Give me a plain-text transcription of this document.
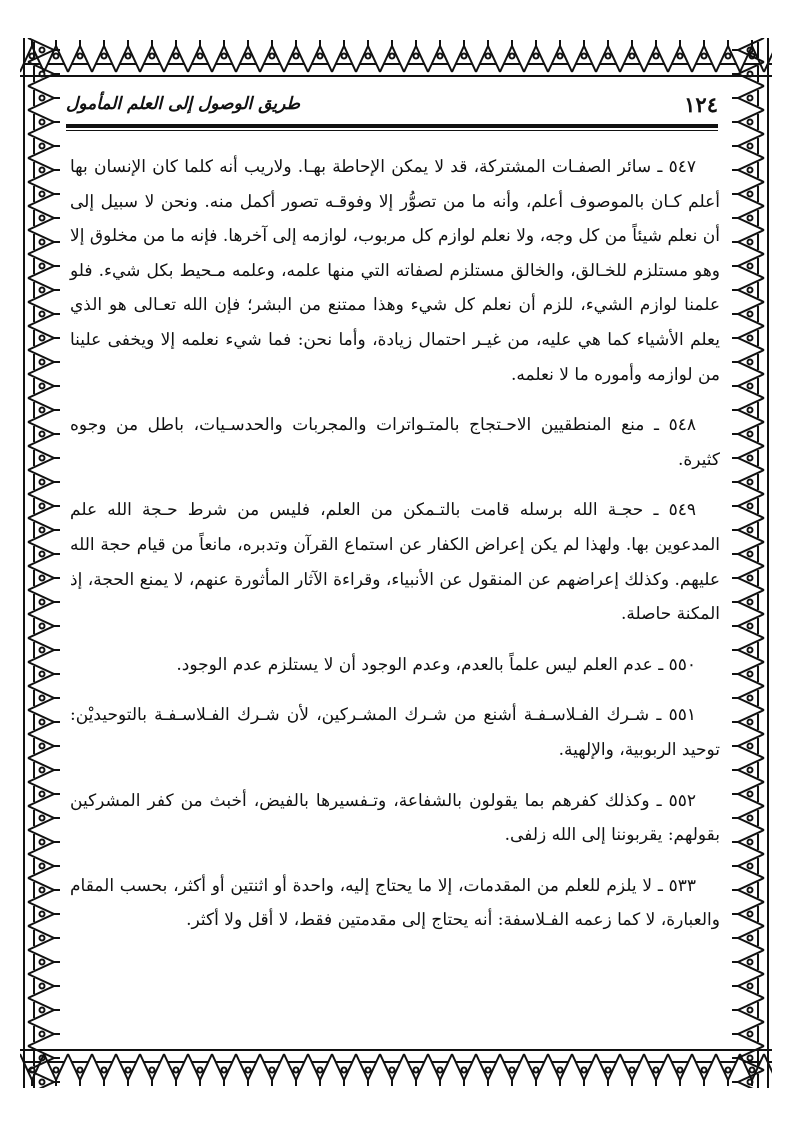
١٢٤
طريق الوصول إلى العلم المأمول

٥٤٧ ـ سائر الصفـات المشتركة، قد لا يمكن الإحاطة بهـا. ولاريب أنه كلما كان الإنسان بها أعلم كـان بالموصوف أعلم، وأنه ما من تصوُّر إلا وفوقـه تصور أكمل منه. ونحن لا سبيل إلى أن نعلم شيئاً من كل وجه، ولا نعلم لوازم كل مربوب، لوازمه إلى آخرها. فإنه ما من مخلوق إلا وهو مستلزم للخـالق، والخالق مستلزم لصفاته التي منها علمه، وعلمه مـحيط بكل شيء. فلو علمنا لوازم الشيء، للزم أن نعلم كل شيء وهذا ممتنع من البشر؛ فإن الله تعـالى هو الذي يعلم الأشياء كما هي عليه، من غيـر احتمال زيادة، وأما نحن: فما شيء نعلمه إلا ويخفى علينا من لوازمه وأموره ما لا نعلمه.

٥٤٨ ـ منع المنطقيين الاحـتجاج بالمتـواترات والمجربات والحدسـيات، باطل من وجوه كثيرة.

٥٤٩ ـ حجـة الله برسله قامت بالتـمكن من العلم، فليس من شرط حـجة الله علم المدعوين بها. ولهذا لم يكن إعراض الكفار عن استماع القرآن وتدبره، مانعاً من قيام حجة الله عليهم. وكذلك إعراضهم عن المنقول عن الأنبياء، وقراءة الآثار المأثورة عنهم، لا يمنع الحجة، إذ المكنة حاصلة.

٥٥٠ ـ عدم العلم ليس علماً بالعدم، وعدم الوجود أن لا يستلزم عدم الوجود.

٥٥١ ـ شـرك الفـلاسـفـة أشنع من شـرك المشـركين، لأن شـرك الفـلاسـفـة بالتوحيديْن: توحيد الربوبية، والإلهية.

٥٥٢ ـ وكذلك كفرهم بما يقولون بالشفاعة، وتـفسيرها بالفيض، أخبث من كفر المشركين بقولهم: يقربوننا إلى الله زلفى.

٥٣٣ ـ لا يلزم للعلم من المقدمات، إلا ما يحتاج إليه، واحدة أو اثنتين أو أكثر، بحسب المقام والعبارة، لا كما زعمه الفـلاسفة: أنه يحتاج إلى مقدمتين فقط، لا أقل ولا أكثر.
